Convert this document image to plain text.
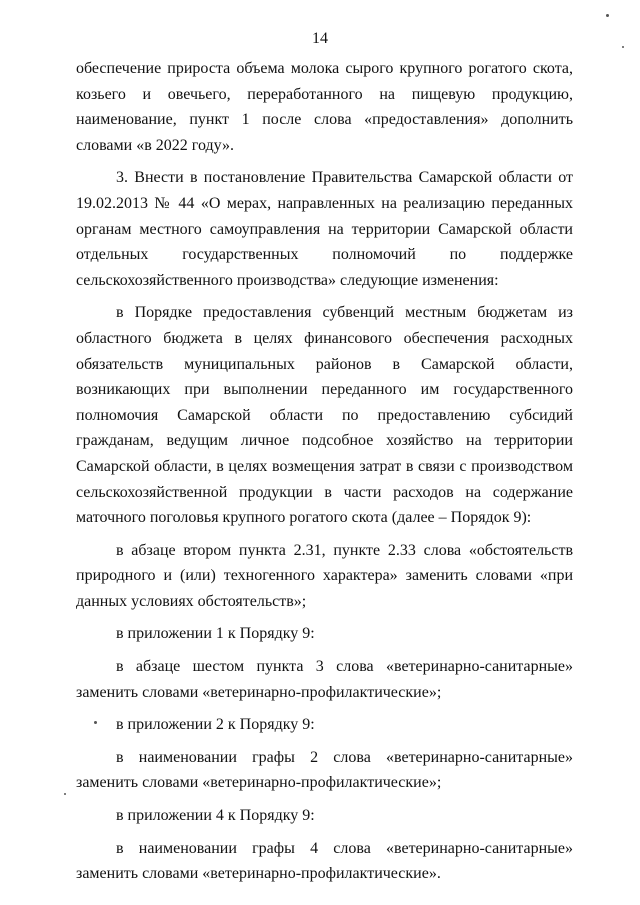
14

обеспечение прироста объема молока сырого крупного рогатого скота, козьего и овечьего, переработанного на пищевую продукцию, наименование, пункт 1 после слова «предоставления» дополнить словами «в 2022 году».

3. Внести в постановление Правительства Самарской области от 19.02.2013 № 44 «О мерах, направленных на реализацию переданных органам местного самоуправления на территории Самарской области отдельных государственных полномочий по поддержке сельскохозяйственного производства» следующие изменения:

в Порядке предоставления субвенций местным бюджетам из областного бюджета в целях финансового обеспечения расходных обязательств муниципальных районов в Самарской области, возникающих при выполнении переданного им государственного полномочия Самарской области по предоставлению субсидий гражданам, ведущим личное подсобное хозяйство на территории Самарской области, в целях возмещения затрат в связи с производством сельскохозяйственной продукции в части расходов на содержание маточного поголовья крупного рогатого скота (далее – Порядок 9):

в абзаце втором пункта 2.31, пункте 2.33 слова «обстоятельств природного и (или) техногенного характера» заменить словами «при данных условиях обстоятельств»;

в приложении 1 к Порядку 9:

в абзаце шестом пункта 3 слова «ветеринарно-санитарные» заменить словами «ветеринарно-профилактические»;

в приложении 2 к Порядку 9:

в наименовании графы 2 слова «ветеринарно-санитарные» заменить словами «ветеринарно-профилактические»;

в приложении 4 к Порядку 9:

в наименовании графы 4 слова «ветеринарно-санитарные» заменить словами «ветеринарно-профилактические».
